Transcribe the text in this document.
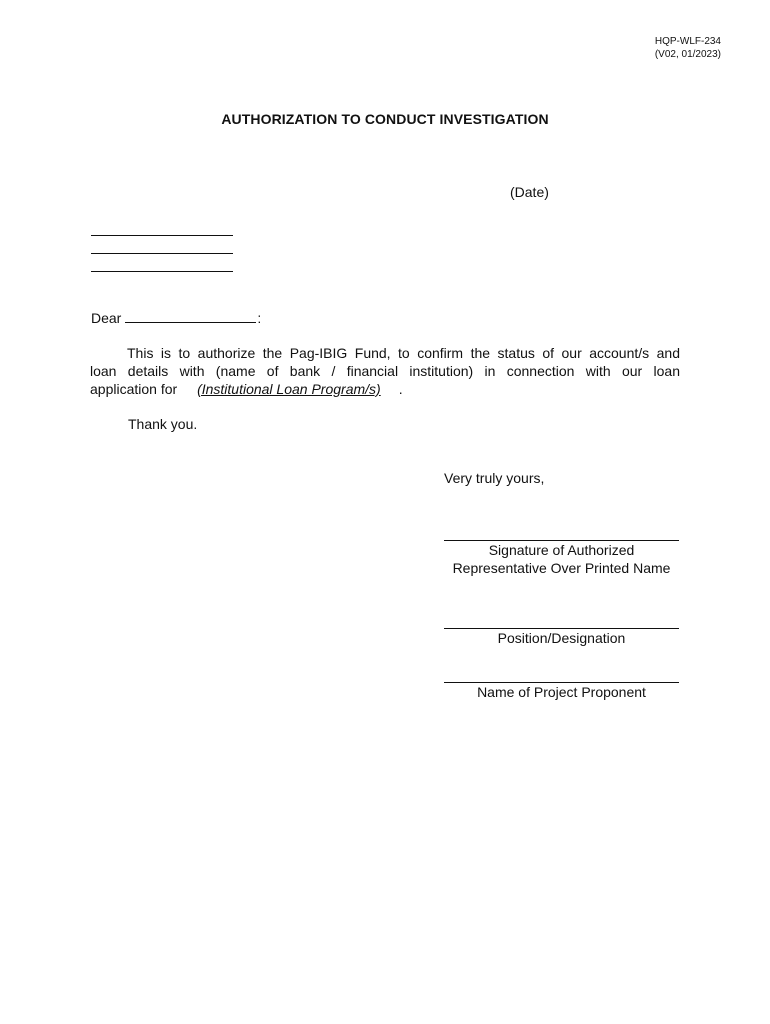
HQP-WLF-234
(V02, 01/2023)
AUTHORIZATION TO CONDUCT INVESTIGATION
(Date)
Dear	:
This is to authorize the Pag-IBIG Fund, to confirm the status of our account/s and
loan details with (name of bank / financial institution) in connection with our loan
application for (Institutional Loan Program/s) .
Thank you.
Very truly yours,
Signature of Authorized
Representative Over Printed Name
Position/Designation
Name of Project Proponent
